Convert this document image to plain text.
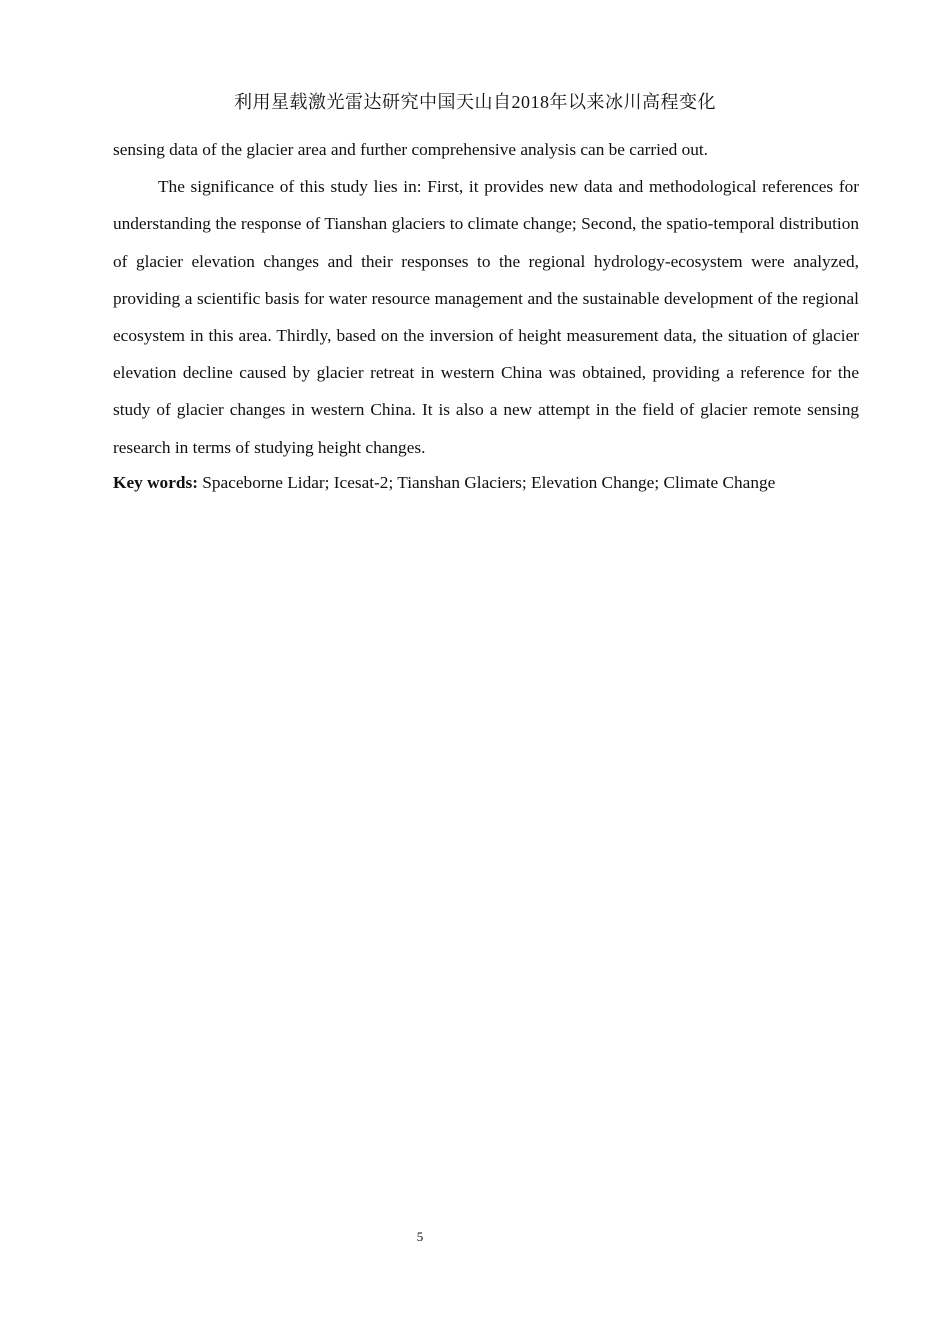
利用星载激光雷达研究中国天山自2018年以来冰川高程变化

sensing data of the glacier area and further comprehensive analysis can be carried out.

The significance of this study lies in: First, it provides new data and methodological references for understanding the response of Tianshan glaciers to climate change; Second, the spatio-temporal distribution of glacier elevation changes and their responses to the regional hydrology-ecosystem were analyzed, providing a scientific basis for water resource management and the sustainable development of the regional ecosystem in this area. Thirdly, based on the inversion of height measurement data, the situation of glacier elevation decline caused by glacier retreat in western China was obtained, providing a reference for the study of glacier changes in western China. It is also a new attempt in the field of glacier remote sensing research in terms of studying height changes.

Key words: Spaceborne Lidar; Icesat-2; Tianshan Glaciers; Elevation Change; Climate Change

5
